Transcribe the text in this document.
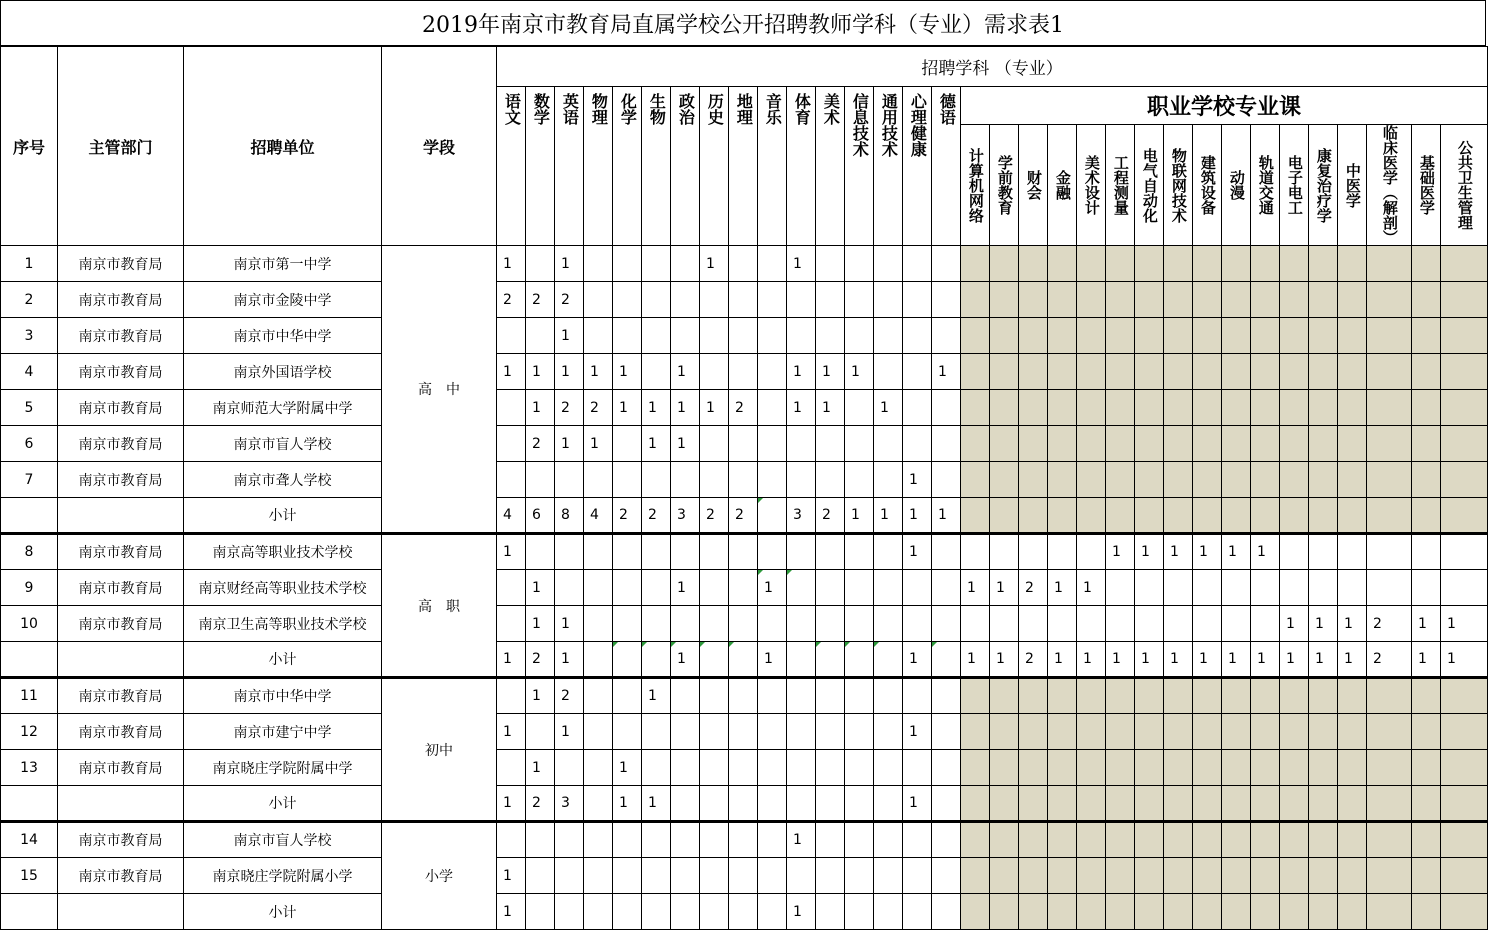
2019年南京市教育局直属学校公开招聘教师学科（专业）需求表1
序号	主管部门	招聘单位	学段	招聘学科 （专业）																																

				语文	数学	英语	物理	化学	生物	政治	历史	地理	音乐	体育	美术	信息技术	通用技术	心理健康	德语	职业学校专业课																

																				计算机网络	学前教育	财会	金融	美术设计	工程测量	电气自动化	物联网技术	建筑设备	动漫	轨道交通	电子电工	康复治疗学	中医学	临床医学（解剖）	基础医学	公共卫生管理

1	南京市教育局	南京市第一中学	高　中	1		1					1			1																						
2	南京市教育局	南京市金陵中学		2	2	2																														
3	南京市教育局	南京市中华中学				1																														
4	南京市教育局	南京外国语学校		1	1	1	1	1		1				1	1	1			1																	
5	南京市教育局	南京师范大学附属中学			1	2	2	1	1	1	1	2		1	1		1																			
6	南京市教育局	南京市盲人学校			2	1	1		1	1																										
7	南京市教育局	南京市聋人学校																1																		
		小计		4	6	8	4	2	2	3	2	2		3	2	1	1	1	1																	
8	南京市教育局	南京高等职业技术学校	高　职	1														1							1	1	1	1	1	1						
9	南京市教育局	南京财经高等职业技术学校			1					1			1							1	1	2	1	1												
10	南京市教育局	南京卫生高等职业技术学校			1	1																									1	1	1	2	1	1
		小计		1	2	1				1			1					1		1	1	2	1	1	1	1	1	1	1	1	1	1	1	2	1	1
11	南京市教育局	南京市中华中学	初中		1	2			1																											
12	南京市教育局	南京市建宁中学		1		1												1																		
13	南京市教育局	南京晓庄学院附属中学			1			1																												
		小计		1	2	3		1	1									1																		
14	南京市教育局	南京市盲人学校	小学											1																						
15	南京市教育局	南京晓庄学院附属小学		1																																
		小计		1										1																						
